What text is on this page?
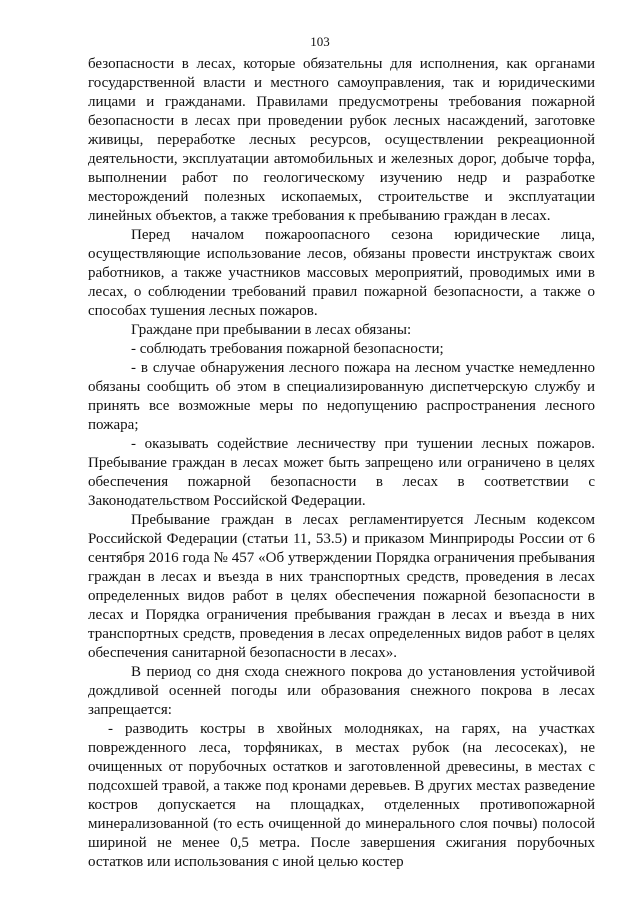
103

безопасности в лесах, которые обязательны для исполнения, как органами государственной власти и местного самоуправления, так и юридическими лицами и гражданами. Правилами предусмотрены требования пожарной безопасности в лесах при проведении рубок лесных насаждений, заготовке живицы, переработке лесных ресурсов, осуществлении рекреационной деятельности, эксплуатации автомобильных и железных дорог, добыче торфа, выполнении работ по геологическому изучению недр и разработке месторождений полезных ископаемых, строительстве и эксплуатации линейных объектов, а также требования к пребыванию граждан в лесах.

Перед началом пожароопасного сезона юридические лица, осуществляющие использование лесов, обязаны провести инструктаж своих работников, а также участников массовых мероприятий, проводимых ими в лесах, о соблюдении требований правил пожарной безопасности, а также о способах тушения лесных пожаров.

Граждане при пребывании в лесах обязаны:

- соблюдать требования пожарной безопасности;

- в случае обнаружения лесного пожара на лесном участке немедленно обязаны сообщить об этом в специализированную диспетчерскую службу и принять все возможные меры по недопущению распространения лесного пожара;

- оказывать содействие лесничеству при тушении лесных пожаров. Пребывание граждан в лесах может быть запрещено или ограничено в целях обеспечения пожарной безопасности в лесах в соответствии с Законодательством Российской Федерации.

Пребывание граждан в лесах регламентируется Лесным кодексом Российской Федерации (статьи 11, 53.5) и приказом Минприроды России от 6 сентября 2016 года № 457 «Об утверждении Порядка ограничения пребывания граждан в лесах и въезда в них транспортных средств, проведения в лесах определенных видов работ в целях обеспечения пожарной безопасности в лесах и Порядка ограничения пребывания граждан в лесах и въезда в них транспортных средств, проведения в лесах определенных видов работ в целях обеспечения санитарной безопасности в лесах».

В период со дня схода снежного покрова до установления устойчивой дождливой осенней погоды или образования снежного покрова в лесах запрещается:

- разводить костры в хвойных молодняках, на гарях, на участках поврежденного леса, торфяниках, в местах рубок (на лесосеках), не очищенных от порубочных остатков и заготовленной древесины, в местах с подсохшей травой, а также под кронами деревьев. В других местах разведение костров допускается на площадках, отделенных противопожарной минерализованной (то есть очищенной до минерального слоя почвы) полосой шириной не менее 0,5 метра. После завершения сжигания порубочных остатков или использования с иной целью костер
